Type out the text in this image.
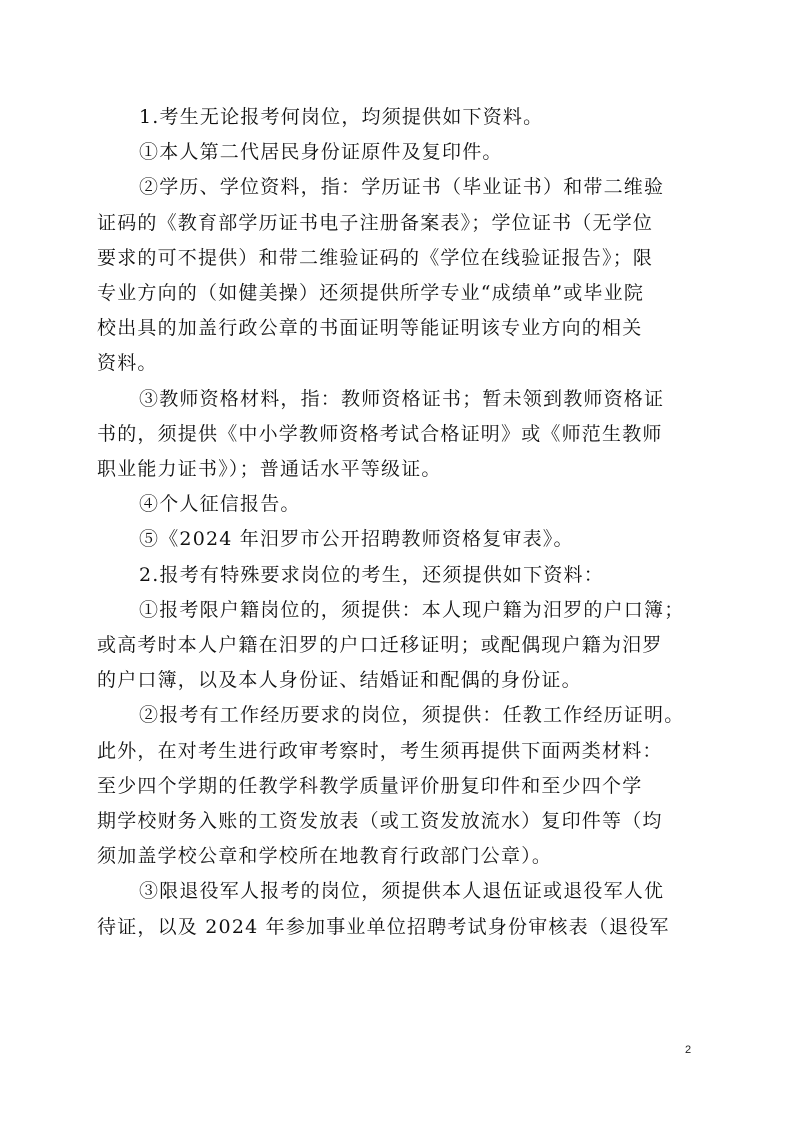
1.考生无论报考何岗位，均须提供如下资料。

①本人第二代居民身份证原件及复印件。

②学历、学位资料，指：学历证书（毕业证书）和带二维验
证码的《教育部学历证书电子注册备案表》；学位证书（无学位
要求的可不提供）和带二维验证码的《学位在线验证报告》；限
专业方向的（如健美操）还须提供所学专业“成绩单”或毕业院
校出具的加盖行政公章的书面证明等能证明该专业方向的相关
资料。

③教师资格材料，指：教师资格证书；暂未领到教师资格证
书的，须提供《中小学教师资格考试合格证明》或《师范生教师
职业能力证书》）；普通话水平等级证。

④个人征信报告。

⑤《2024 年汨罗市公开招聘教师资格复审表》。

2.报考有特殊要求岗位的考生，还须提供如下资料：

①报考限户籍岗位的，须提供：本人现户籍为汨罗的户口簿；
或高考时本人户籍在汨罗的户口迁移证明；或配偶现户籍为汨罗
的户口簿，以及本人身份证、结婚证和配偶的身份证。

②报考有工作经历要求的岗位，须提供：任教工作经历证明。
此外，在对考生进行政审考察时，考生须再提供下面两类材料：
至少四个学期的任教学科教学质量评价册复印件和至少四个学
期学校财务入账的工资发放表（或工资发放流水）复印件等（均
须加盖学校公章和学校所在地教育行政部门公章）。

③限退役军人报考的岗位，须提供本人退伍证或退役军人优
待证，以及 2024 年参加事业单位招聘考试身份审核表（退役军

2
